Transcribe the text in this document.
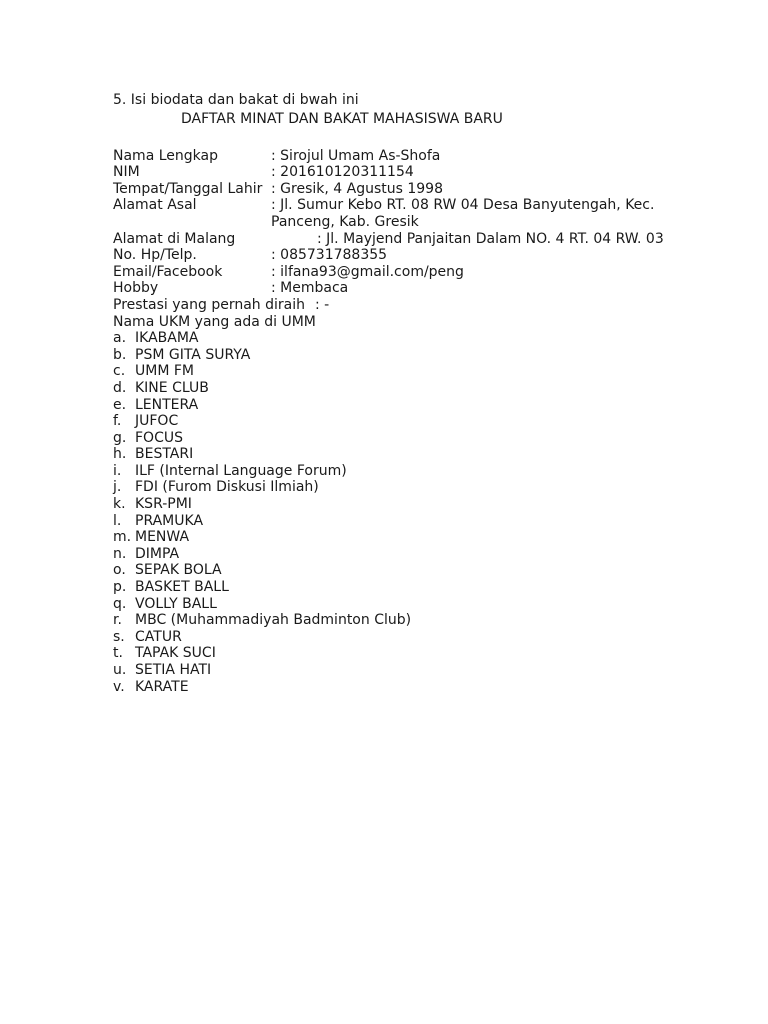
5. Isi biodata dan bakat di bwah ini
DAFTAR MINAT DAN BAKAT MAHASISWA BARU
Nama Lengkap	: Sirojul Umam As-Shofa
NIM	: 201610120311154
Tempat/Tanggal Lahir : Gresik, 4 Agustus 1998
Alamat Asal	: Jl. Sumur Kebo RT. 08 RW 04 Desa Banyutengah, Kec.
Panceng, Kab. Gresik
Alamat di Malang	: Jl. Mayjend Panjaitan Dalam NO. 4 RT. 04 RW. 03
No. Hp/Telp.	: 085731788355
Email/Facebook	: ilfana93@gmail.com/peng
Hobby	: Membaca
Prestasi yang pernah diraih : -
Nama UKM yang ada di UMM
a. IKABAMA
b. PSM GITA SURYA
c. UMM FM
d. KINE CLUB
e. LENTERA
f. JUFOC
g. FOCUS
h. BESTARI
i. ILF (Internal Language Forum)
j. FDI (Furom Diskusi Ilmiah)
k. KSR-PMI
l. PRAMUKA
m. MENWA
n. DIMPA
o. SEPAK BOLA
p. BASKET BALL
q. VOLLY BALL
r. MBC (Muhammadiyah Badminton Club)
s. CATUR
t. TAPAK SUCI
u. SETIA HATI
v. KARATE
